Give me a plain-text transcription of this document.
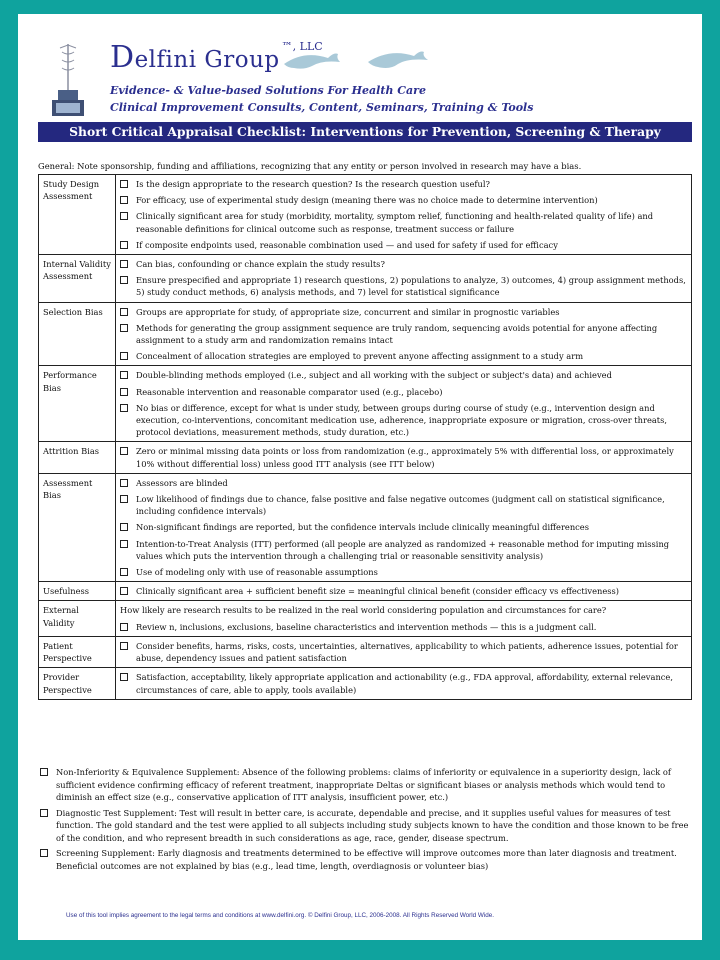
Delfini Group$^{™, LLC}$
Evidence- & Value-based Solutions For Health Care
Clinical Improvement Consults, Content, Seminars, Training & Tools
Short Critical Appraisal Checklist: Interventions for Prevention, Screening & Therapy
General: Note sponsorship, funding and affiliations, recognizing that any entity or person involved in research may have a bias.
Study Design Assessment	Is the design appropriate to the research question? Is the research question useful?
For efficacy, use of experimental study design (meaning there was no choice made to determine intervention)
Clinically significant area for study (morbidity, mortality, symptom relief, functioning and health-related quality of life) and reasonable definitions for clinical outcome such as response, treatment success or failure
If composite endpoints used, reasonable combination used — and used for safety if used for efficacy

Internal Validity Assessment	Can bias, confounding or chance explain the study results?
Ensure prespecified and appropriate 1) research questions, 2) populations to analyze, 3) outcomes, 4) group assignment methods, 5) study conduct methods, 6) analysis methods, and 7) level for statistical significance

Selection Bias	Groups are appropriate for study, of appropriate size, concurrent and similar in prognostic variables
Methods for generating the group assignment sequence are truly random, sequencing avoids potential for anyone affecting assignment to a study arm and randomization remains intact
Concealment of allocation strategies are employed to prevent anyone affecting assignment to a study arm

Performance Bias	Double-blinding methods employed (i.e., subject and all working with the subject or subject's data) and achieved
Reasonable intervention and reasonable comparator used (e.g., placebo)
No bias or difference, except for what is under study, between groups during course of study (e.g., intervention design and execution, co-interventions, concomitant medication use, adherence, inappropriate exposure or migration, cross-over threats, protocol deviations, measurement methods, study duration, etc.)

Attrition Bias	Zero or minimal missing data points or loss from randomization (e.g., approximately 5% with differential loss, or approximately 10% without differential loss) unless good ITT analysis (see ITT below)

Assessment Bias	Assessors are blinded
Low likelihood of findings due to chance, false positive and false negative outcomes (judgment call on statistical significance, including confidence intervals)
Non-significant findings are reported, but the confidence intervals include clinically meaningful differences
Intention-to-Treat Analysis (ITT) performed (all people are analyzed as randomized + reasonable method for imputing missing values which puts the intervention through a challenging trial or reasonable sensitivity analysis)
Use of modeling only with use of reasonable assumptions

Usefulness	Clinically significant area + sufficient benefit size = meaningful clinical benefit (consider efficacy vs effectiveness)

External Validity	How likely are research results to be realized in the real world considering population and circumstances for care?
Review n, inclusions, exclusions, baseline characteristics and intervention methods — this is a judgment call.

Patient Perspective	Consider benefits, harms, risks, costs, uncertainties, alternatives, applicability to which patients, adherence issues, potential for abuse, dependency issues and patient satisfaction

Provider Perspective	Satisfaction, acceptability, likely appropriate application and actionability (e.g., FDA approval, affordability, external relevance, circumstances of care, able to apply, tools available)
Non-Inferiority & Equivalence Supplement: Absence of the following problems: claims of inferiority or equivalence in a superiority design, lack of sufficient evidence confirming efficacy of referent treatment, inappropriate Deltas or significant biases or analysis methods which would tend to diminish an effect size (e.g., conservative application of ITT analysis, insufficient power, etc.)
Diagnostic Test Supplement: Test will result in better care, is accurate, dependable and precise, and it supplies useful values for measures of test function. The gold standard and the test were applied to all subjects including study subjects known to have the condition and those known to be free of the condition, and who represent breadth in such considerations as age, race, gender, disease spectrum.
Screening Supplement: Early diagnosis and treatments determined to be effective will improve outcomes more than later diagnosis and treatment. Beneficial outcomes are not explained by bias (e.g., lead time, length, overdiagnosis or volunteer bias)
Use of this tool implies agreement to the legal terms and conditions at www.delfini.org. © Delfini Group, LLC, 2006-2008. All Rights Reserved World Wide.
